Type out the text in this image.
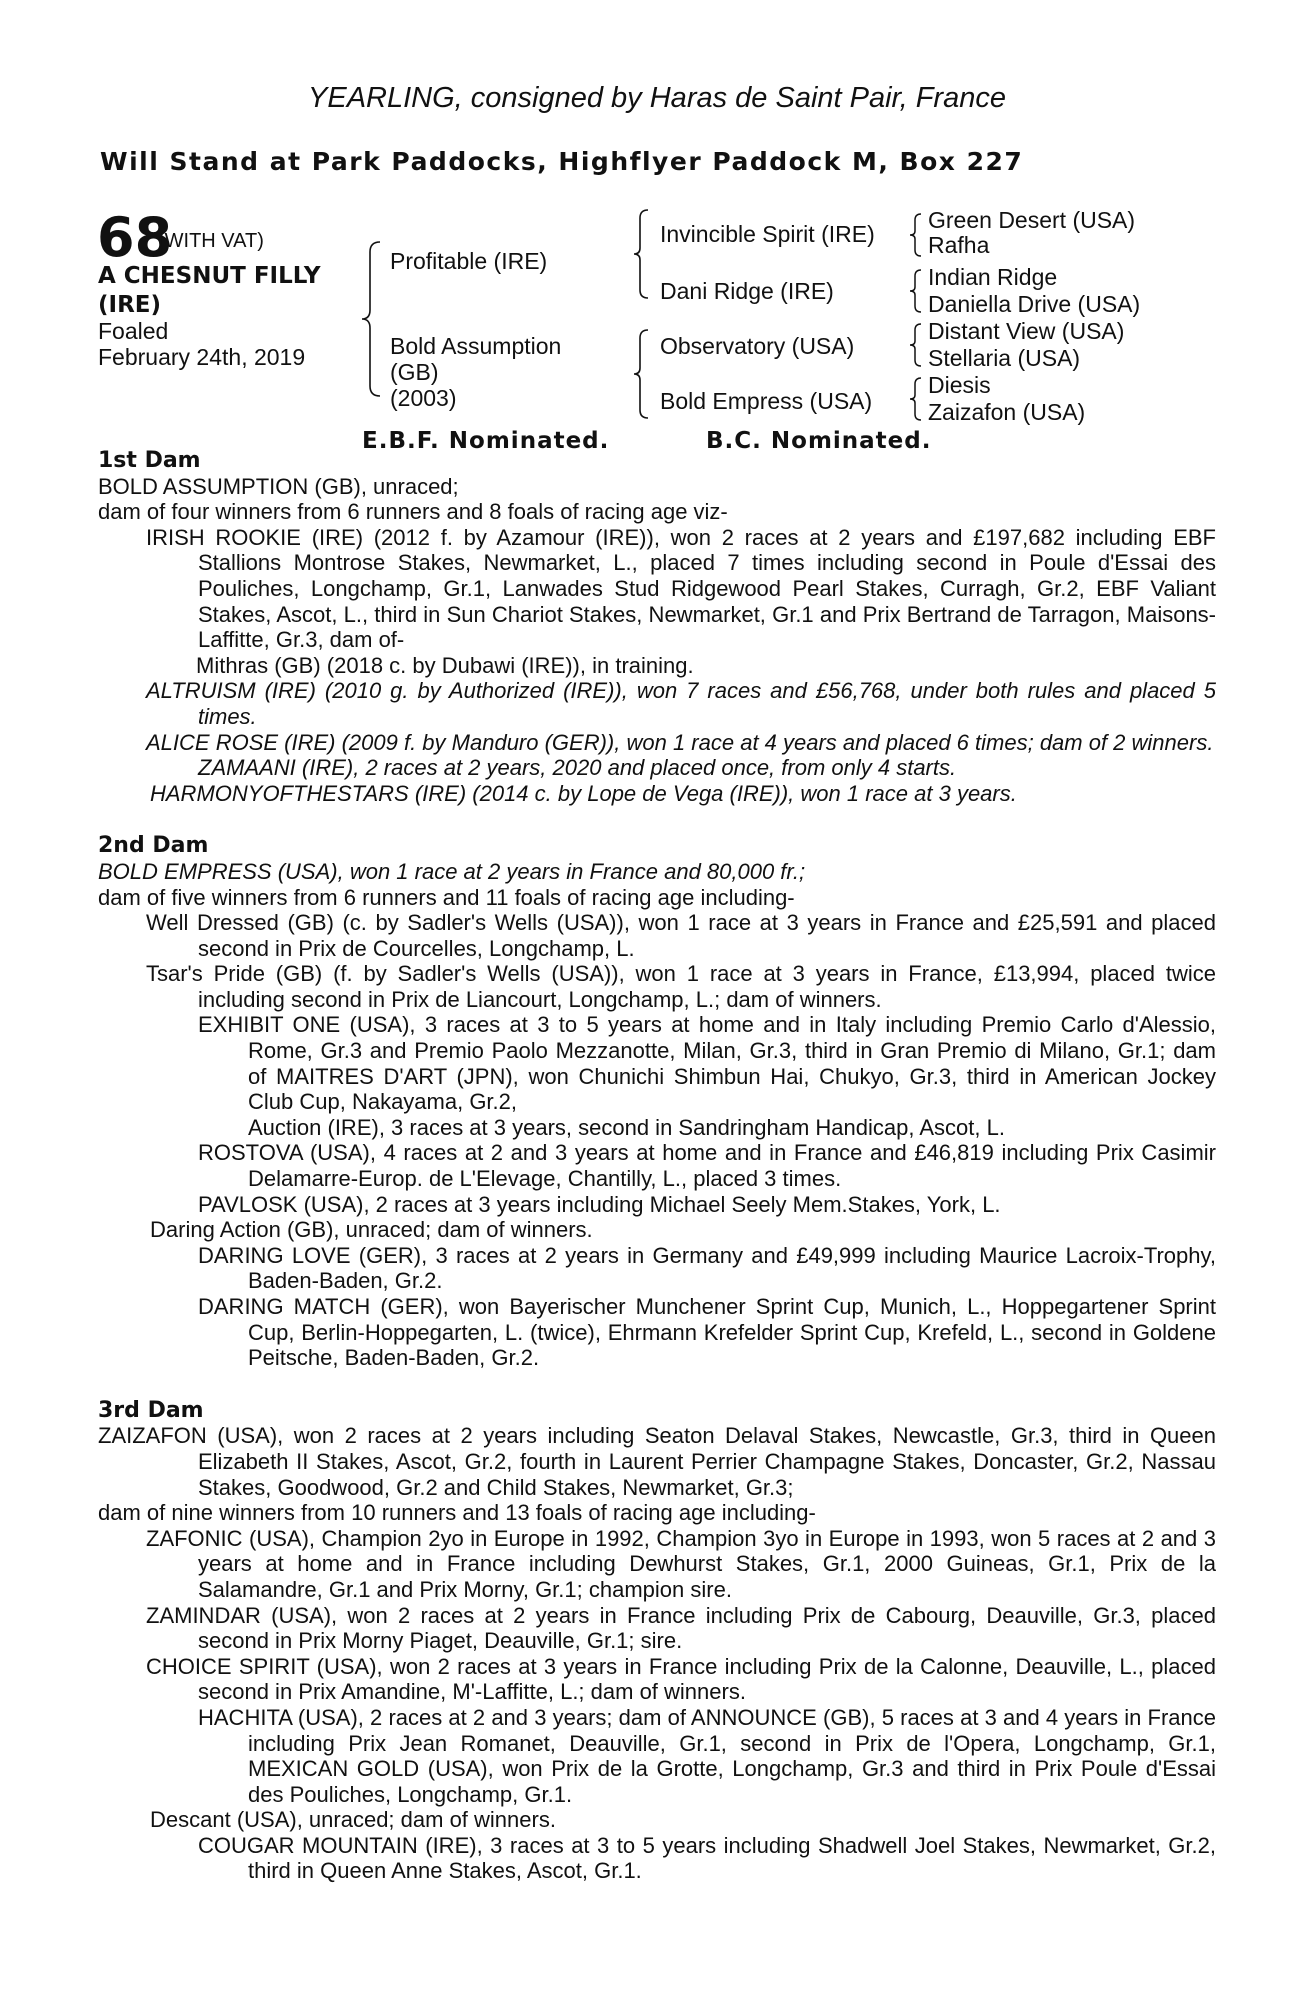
YEARLING, consigned by Haras de Saint Pair, France
Will Stand at Park Paddocks, Highflyer Paddock M, Box 227
68
(WITH VAT)
A CHESNUT FILLY
(IRE)
Foaled
February 24th, 2019
Profitable (IRE)
Bold Assumption
(GB)
(2003)
Invincible Spirit (IRE)
Dani Ridge (IRE)
Observatory (USA)
Bold Empress (USA)
Green Desert (USA)
Rafha
Indian Ridge
Daniella Drive (USA)
Distant View (USA)
Stellaria (USA)
Diesis
Zaizafon (USA)
E.B.F. Nominated.	B.C. Nominated.
1st Dam
BOLD ASSUMPTION (GB), unraced;
dam of four winners from 6 runners and 8 foals of racing age viz-
IRISH ROOKIE (IRE) (2012 f. by Azamour (IRE)), won 2 races at 2 years and £197,682 including EBF Stallions Montrose Stakes, Newmarket, L., placed 7 times including second in Poule d'Essai des Pouliches, Longchamp, Gr.1, Lanwades Stud Ridgewood Pearl Stakes, Curragh, Gr.2, EBF Valiant Stakes, Ascot, L., third in Sun Chariot Stakes, Newmarket, Gr.1 and Prix Bertrand de Tarragon, Maisons-Laffitte, Gr.3, dam of-
Mithras (GB) (2018 c. by Dubawi (IRE)), in training.
ALTRUISM (IRE) (2010 g. by Authorized (IRE)), won 7 races and £56,768, under both rules and placed 5 times.
ALICE ROSE (IRE) (2009 f. by Manduro (GER)), won 1 race at 4 years and placed 6 times; dam of 2 winners.
ZAMAANI (IRE), 2 races at 2 years, 2020 and placed once, from only 4 starts.
HARMONYOFTHESTARS (IRE) (2014 c. by Lope de Vega (IRE)), won 1 race at 3 years.
2nd Dam
BOLD EMPRESS (USA), won 1 race at 2 years in France and 80,000 fr.;
dam of five winners from 6 runners and 11 foals of racing age including-
Well Dressed (GB) (c. by Sadler's Wells (USA)), won 1 race at 3 years in France and £25,591 and placed second in Prix de Courcelles, Longchamp, L.
Tsar's Pride (GB) (f. by Sadler's Wells (USA)), won 1 race at 3 years in France, £13,994, placed twice including second in Prix de Liancourt, Longchamp, L.; dam of winners.
EXHIBIT ONE (USA), 3 races at 3 to 5 years at home and in Italy including Premio Carlo d'Alessio, Rome, Gr.3 and Premio Paolo Mezzanotte, Milan, Gr.3, third in Gran Premio di Milano, Gr.1; dam of MAITRES D'ART (JPN), won Chunichi Shimbun Hai, Chukyo, Gr.3, third in American Jockey Club Cup, Nakayama, Gr.2,
Auction (IRE), 3 races at 3 years, second in Sandringham Handicap, Ascot, L.
ROSTOVA (USA), 4 races at 2 and 3 years at home and in France and £46,819 including Prix Casimir Delamarre-Europ. de L'Elevage, Chantilly, L., placed 3 times.
PAVLOSK (USA), 2 races at 3 years including Michael Seely Mem.Stakes, York, L.
Daring Action (GB), unraced; dam of winners.
DARING LOVE (GER), 3 races at 2 years in Germany and £49,999 including Maurice Lacroix-Trophy, Baden-Baden, Gr.2.
DARING MATCH (GER), won Bayerischer Munchener Sprint Cup, Munich, L., Hoppegartener Sprint Cup, Berlin-Hoppegarten, L. (twice), Ehrmann Krefelder Sprint Cup, Krefeld, L., second in Goldene Peitsche, Baden-Baden, Gr.2.
3rd Dam
ZAIZAFON (USA), won 2 races at 2 years including Seaton Delaval Stakes, Newcastle, Gr.3, third in Queen Elizabeth II Stakes, Ascot, Gr.2, fourth in Laurent Perrier Champagne Stakes, Doncaster, Gr.2, Nassau Stakes, Goodwood, Gr.2 and Child Stakes, Newmarket, Gr.3;
dam of nine winners from 10 runners and 13 foals of racing age including-
ZAFONIC (USA), Champion 2yo in Europe in 1992, Champion 3yo in Europe in 1993, won 5 races at 2 and 3 years at home and in France including Dewhurst Stakes, Gr.1, 2000 Guineas, Gr.1, Prix de la Salamandre, Gr.1 and Prix Morny, Gr.1; champion sire.
ZAMINDAR (USA), won 2 races at 2 years in France including Prix de Cabourg, Deauville, Gr.3, placed second in Prix Morny Piaget, Deauville, Gr.1; sire.
CHOICE SPIRIT (USA), won 2 races at 3 years in France including Prix de la Calonne, Deauville, L., placed second in Prix Amandine, M'-Laffitte, L.; dam of winners.
HACHITA (USA), 2 races at 2 and 3 years; dam of ANNOUNCE (GB), 5 races at 3 and 4 years in France including Prix Jean Romanet, Deauville, Gr.1, second in Prix de l'Opera, Longchamp, Gr.1, MEXICAN GOLD (USA), won Prix de la Grotte, Longchamp, Gr.3 and third in Prix Poule d'Essai des Pouliches, Longchamp, Gr.1.
Descant (USA), unraced; dam of winners.
COUGAR MOUNTAIN (IRE), 3 races at 3 to 5 years including Shadwell Joel Stakes, Newmarket, Gr.2, third in Queen Anne Stakes, Ascot, Gr.1.
